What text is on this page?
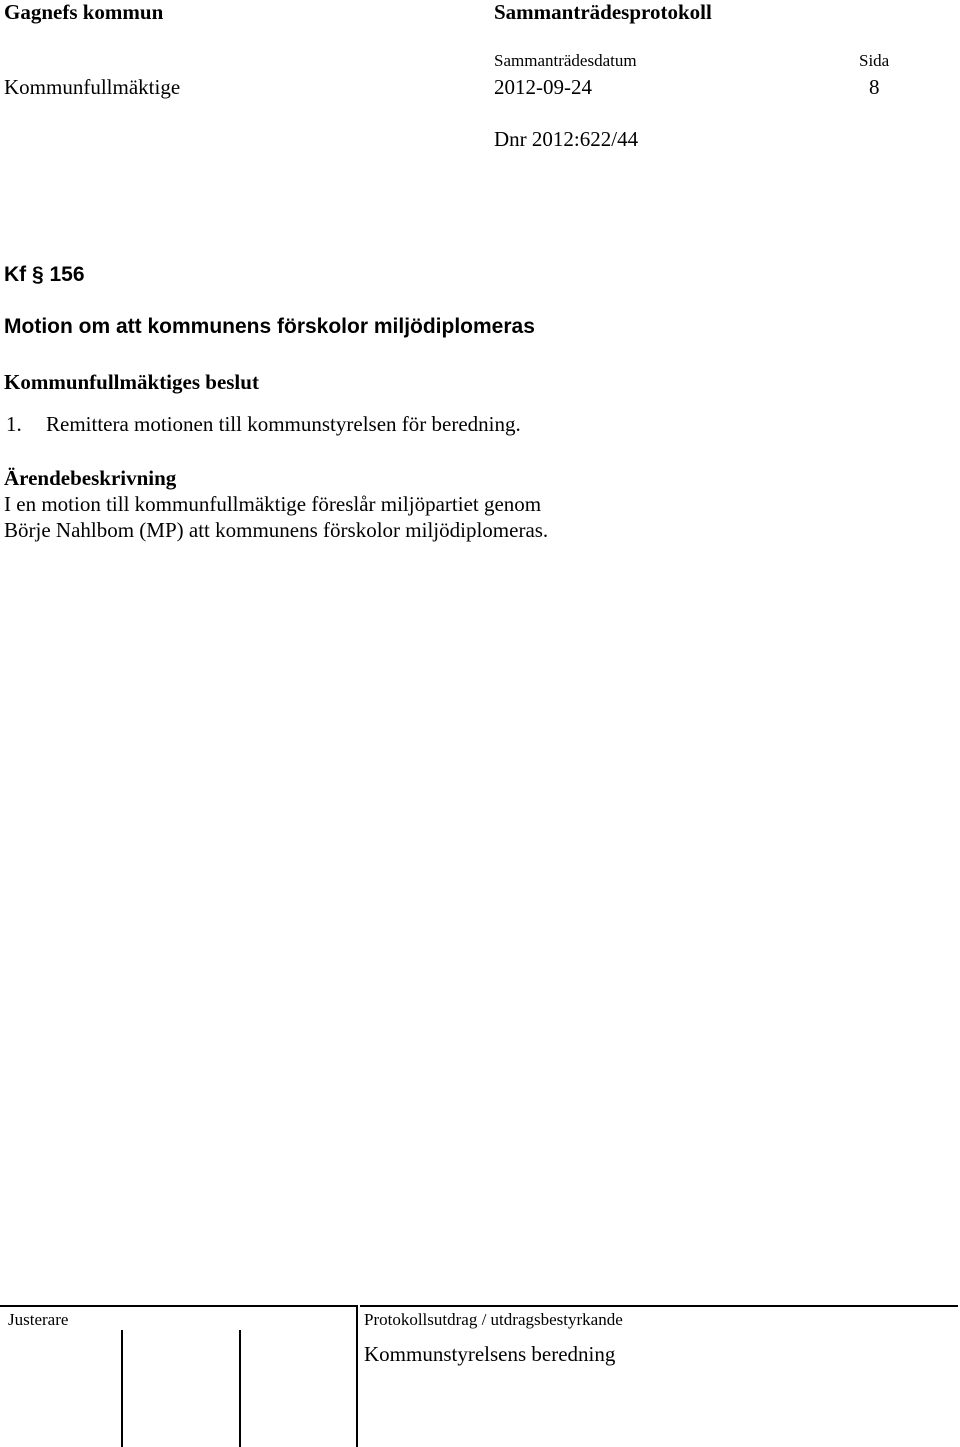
Gagnefs kommun	Sammanträdesprotokoll
Sammanträdesdatum	Sida
Kommunfullmäktige	2012-09-24	8
Dnr 2012:622/44
Kf § 156
Motion om att kommunens förskolor miljödiplomeras
Kommunfullmäktiges beslut
1. Remittera motionen till kommunstyrelsen för beredning.
Ärendebeskrivning
I en motion till kommunfullmäktige föreslår miljöpartiet genom
Börje Nahlbom (MP) att kommunens förskolor miljödiplomeras.
Justerare	Protokollsutdrag / utdragsbestyrkande
Kommunstyrelsens beredning
